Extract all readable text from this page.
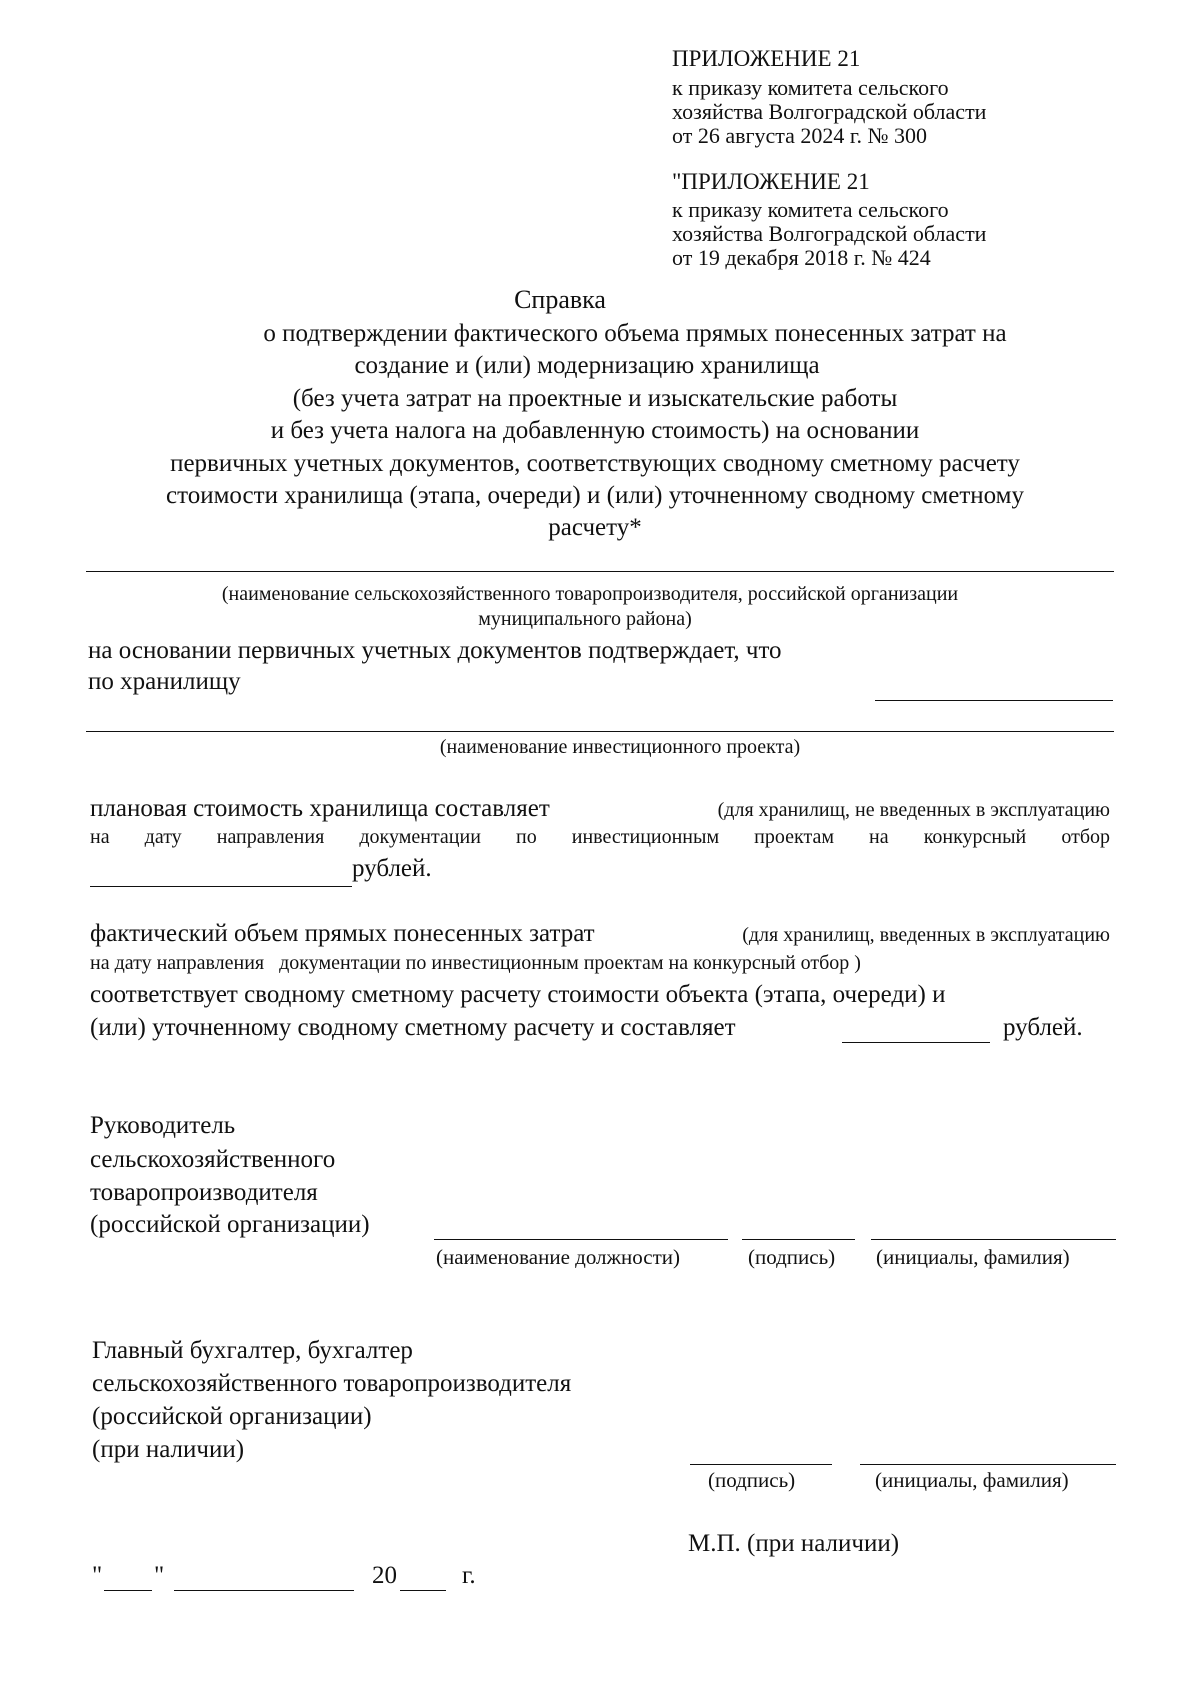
ПРИЛОЖЕНИЕ 21
к приказу комитета сельского
хозяйства Волгоградской области
от 26 августа 2024 г. № 300
"ПРИЛОЖЕНИЕ 21
к приказу комитета сельского
хозяйства Волгоградской области
от 19 декабря 2018 г. № 424
Справка
о подтверждении фактического объема прямых понесенных затрат на
создание и (или) модернизацию хранилища
(без учета затрат на проектные и изыскательские работы
и без учета налога на добавленную стоимость) на основании
первичных учетных документов, соответствующих сводному сметному расчету
стоимости хранилища (этапа, очереди) и (или) уточненному сводному сметному
расчету*
(наименование сельскохозяйственного товаропроизводителя, российской организации
муниципального района)
на основании первичных учетных документов подтверждает, что
по хранилищу
(наименование инвестиционного проекта)
плановая стоимость хранилища составляет	(для хранилищ, не введенных в эксплуатацию
на дату направления документации по инвестиционным проектам на конкурсный отбор
рублей.
фактический объем прямых понесенных затрат	(для хранилищ, введенных в эксплуатацию
на дату направления   документации по инвестиционным проектам на конкурсный отбор )
соответствует сводному сметному расчету стоимости объекта (этапа, очереди) и
(или) уточненному сводному сметному расчету и составляет	рублей.
Руководитель
сельскохозяйственного
товаропроизводителя
(российской организации)
(наименование должности)	(подпись) (инициалы, фамилия)
Главный бухгалтер, бухгалтер
сельскохозяйственного товаропроизводителя
(российской организации)
(при наличии)
(подпись)	(инициалы, фамилия)
М.П. (при наличии)
" "	20	г.
